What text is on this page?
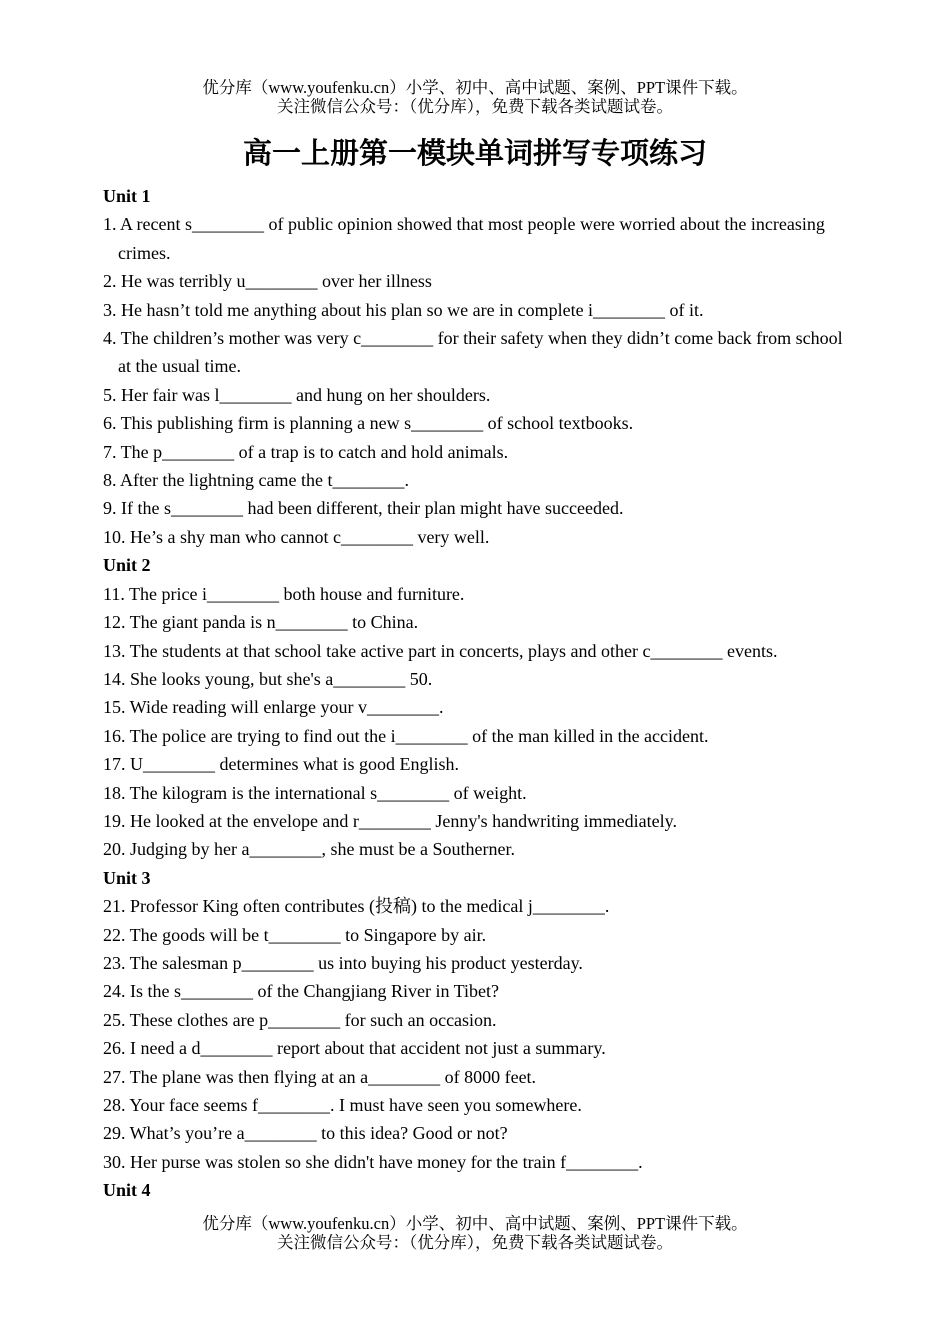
优分库（www.youfenku.cn）小学、初中、高中试题、案例、PPT课件下载。
关注微信公众号：（优分库），免费下载各类试题试卷。
高一上册第一模块单词拼写专项练习

Unit 1

1. A recent s________ of public opinion showed that most people were worried about the increasing crimes.

2. He was terribly u________ over her illness

3. He hasn’t told me anything about his plan so we are in complete i________ of it.

4. The children’s mother was very c________ for their safety when they didn’t come back from school at the usual time.

5. Her fair was l________ and hung on her shoulders.

6. This publishing firm is planning a new s________ of school textbooks.

7. The p________ of a trap is to catch and hold animals.

8. After the lightning came the t________.

9. If the s________ had been different, their plan might have succeeded.

10. He’s a shy man who cannot c________ very well.

Unit 2

11. The price i________ both house and furniture.

12. The giant panda is n________ to China.

13. The students at that school take active part in concerts, plays and other c________ events.

14. She looks young, but she's a________ 50.

15. Wide reading will enlarge your v________.

16. The police are trying to find out the i________ of the man killed in the accident.

17. U________ determines what is good English.

18. The kilogram is the international s________ of weight.

19. He looked at the envelope and r________ Jenny's handwriting immediately.

20. Judging by her a________, she must be a Southerner.

Unit 3

21. Professor King often contributes (投稿) to the medical j________.

22. The goods will be t________ to Singapore by air.

23. The salesman p________ us into buying his product yesterday.

24. Is the s________ of the Changjiang River in Tibet?

25. These clothes are p________ for such an occasion.

26. I need a d________ report about that accident not just a summary.

27. The plane was then flying at an a________ of 8000 feet.

28. Your face seems f________. I must have seen you somewhere.

29. What’s you’re a________ to this idea? Good or not?

30. Her purse was stolen so she didn't have money for the train f________.

Unit 4

优分库（www.youfenku.cn）小学、初中、高中试题、案例、PPT课件下载。
关注微信公众号：（优分库），免费下载各类试题试卷。
